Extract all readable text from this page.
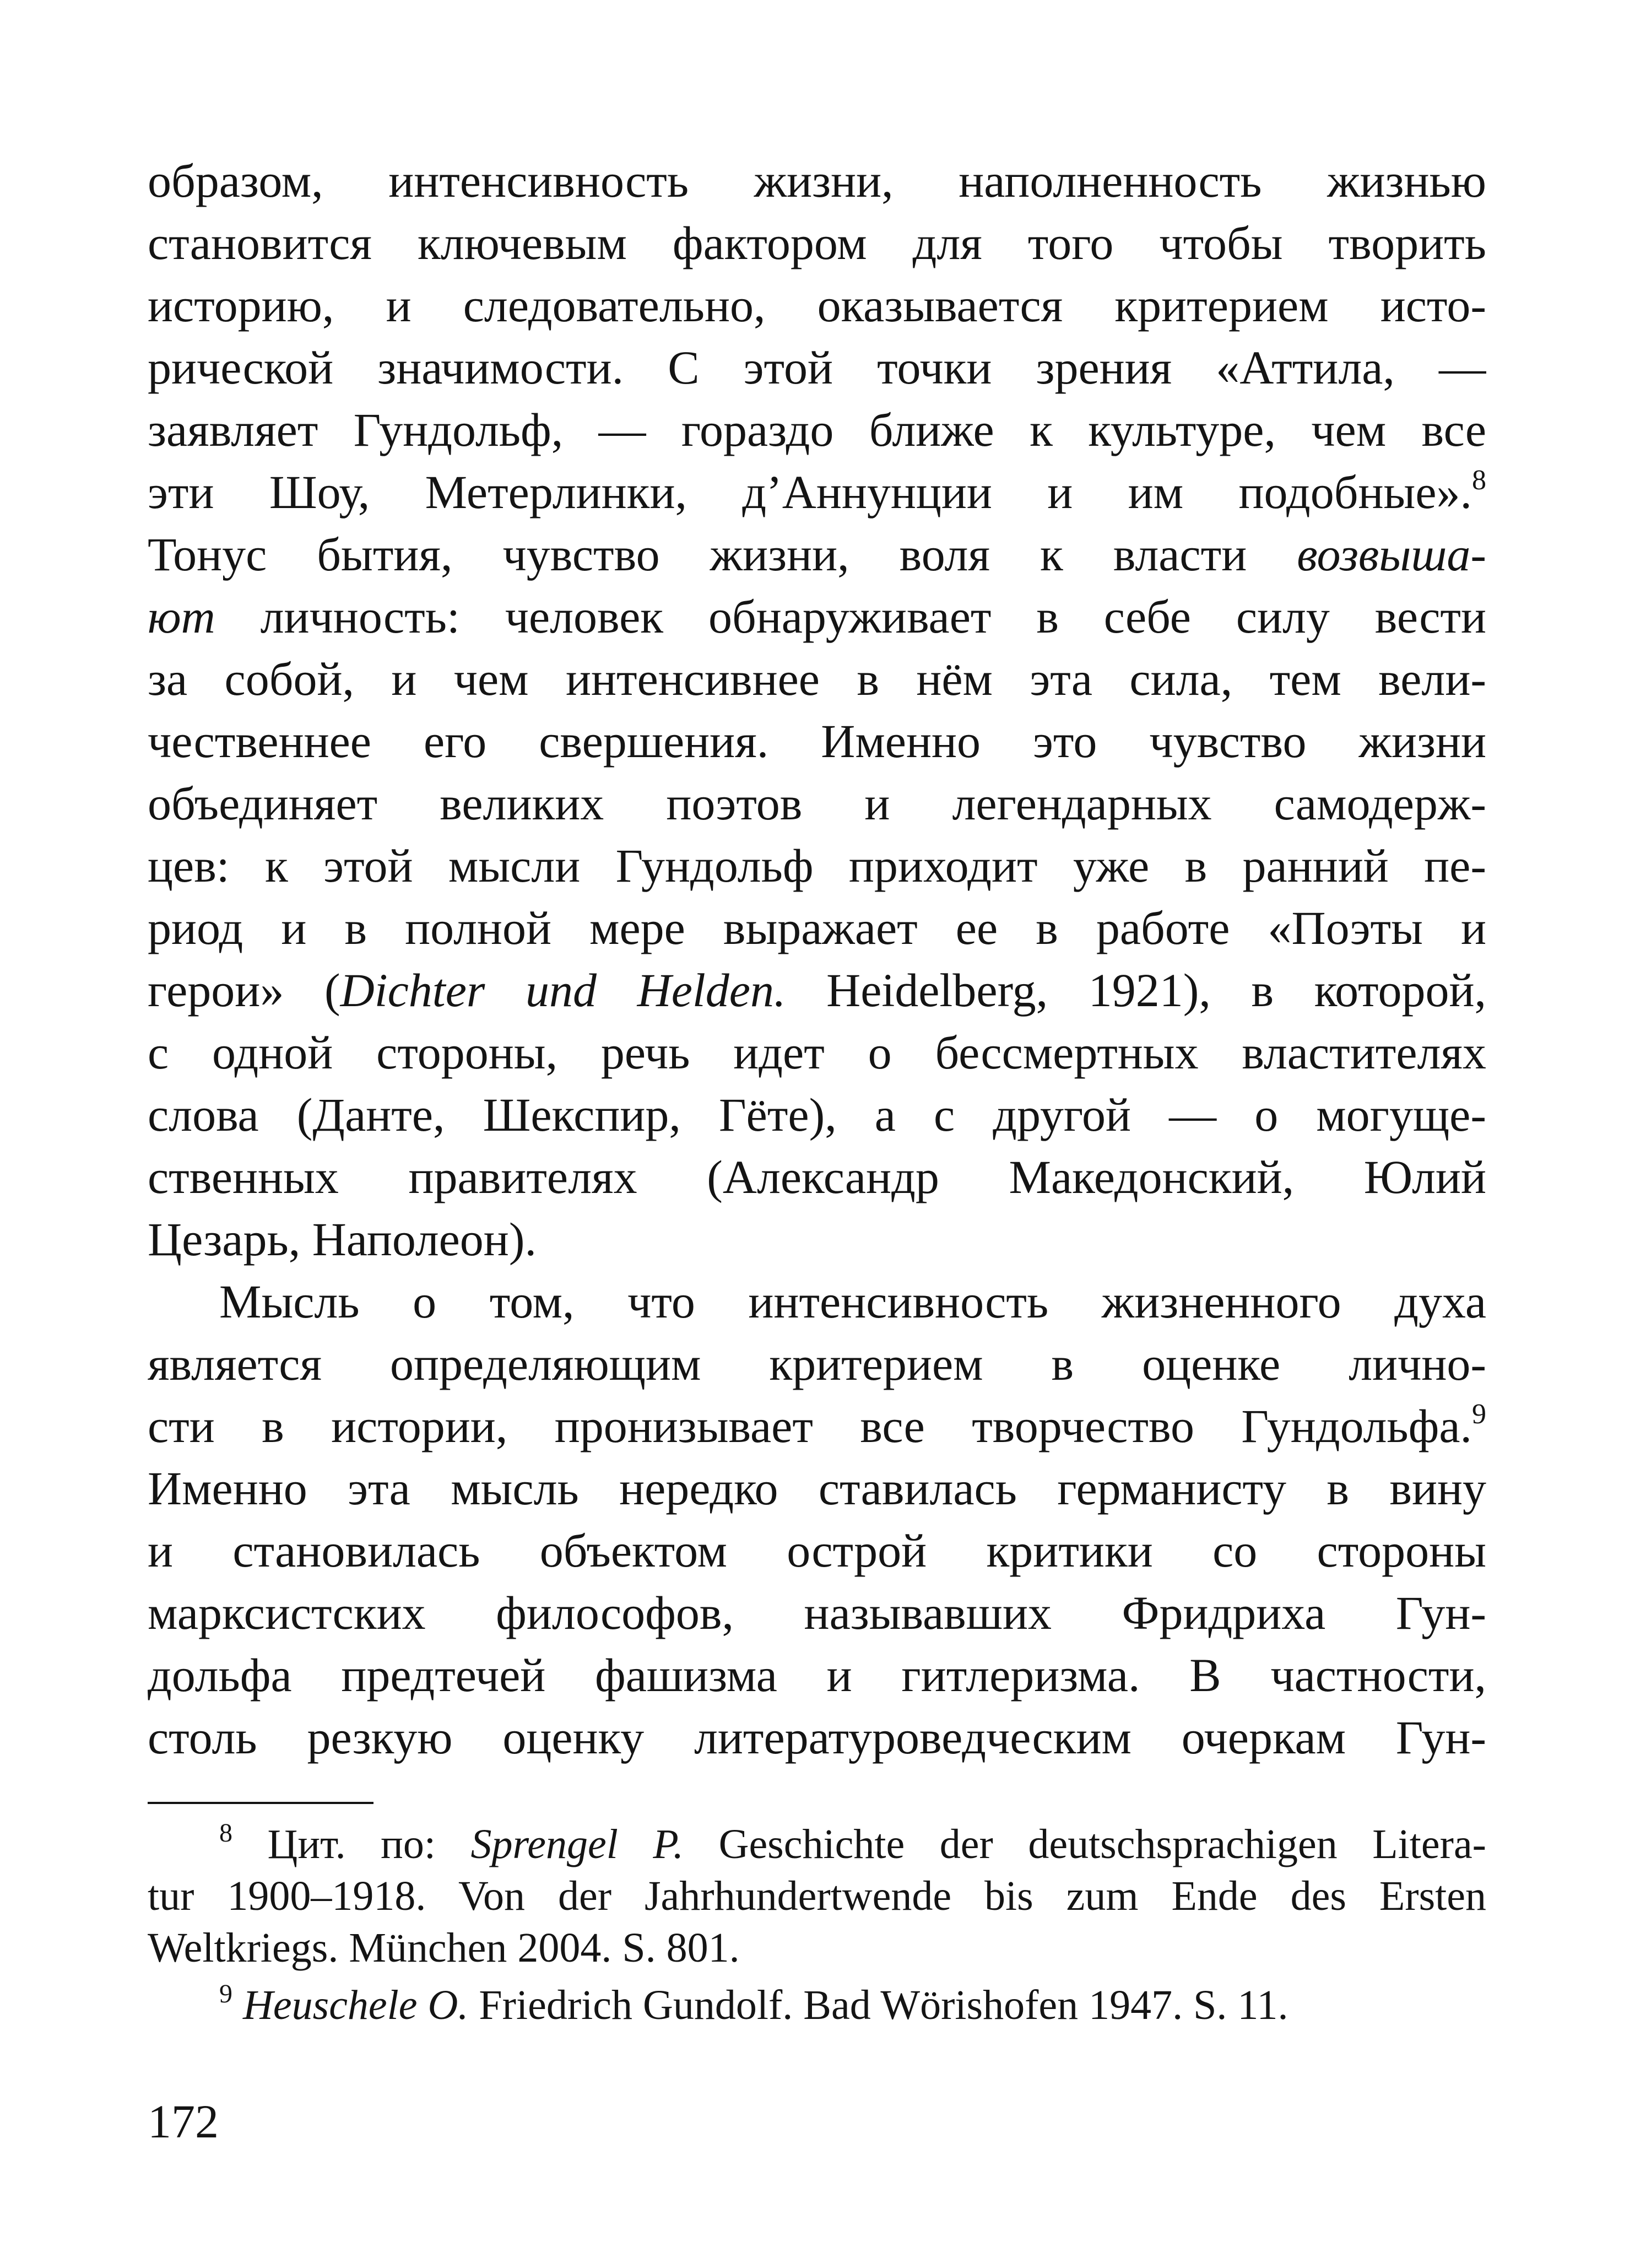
образом, интенсивность жизни, наполненность жизнью
становится ключевым фактором для того чтобы творить
историю, и следовательно, оказывается критерием исто-
рической значимости. С этой точки зрения «Аттила, —
заявляет Гундольф, — гораздо ближе к культуре, чем все
эти Шоу, Метерлинки, д’Аннунции и им подобные».$^8$
Тонус бытия, чувство жизни, воля к власти возвыша-
ют личность: человек обнаруживает в себе силу вести
за собой, и чем интенсивнее в нём эта сила, тем вели-
чественнее его свершения. Именно это чувство жизни
объединяет великих поэтов и легендарных самодерж-
цев: к этой мысли Гундольф приходит уже в ранний пе-
риод и в полной мере выражает ее в работе «Поэты и
герои» (Dichter und Helden. Heidelberg, 1921), в которой,
с одной стороны, речь идет о бессмертных властителях
слова (Данте, Шекспир, Гёте), а с другой — о могуще-
ственных правителях (Александр Македонский, Юлий
Цезарь, Наполеон).
Мысль о том, что интенсивность жизненного духа
является определяющим критерием в оценке лично-
сти в истории, пронизывает все творчество Гундольфа.$^9$
Именно эта мысль нередко ставилась германисту в вину
и становилась объектом острой критики со стороны
марксистских философов, называвших Фридриха Гун-
дольфа предтечей фашизма и гитлеризма. В частности,
столь резкую оценку литературоведческим очеркам Гун-
$^8$ Цит. по: Sprengel P. Geschichte der deutschsprachigen Litera-
tur 1900–1918. Von der Jahrhundertwende bis zum Ende des Ersten
Weltkriegs. München 2004. S. 801.
$^9$ Heuschele O. Friedrich Gundolf. Bad Wörishofen 1947. S. 11.
172
